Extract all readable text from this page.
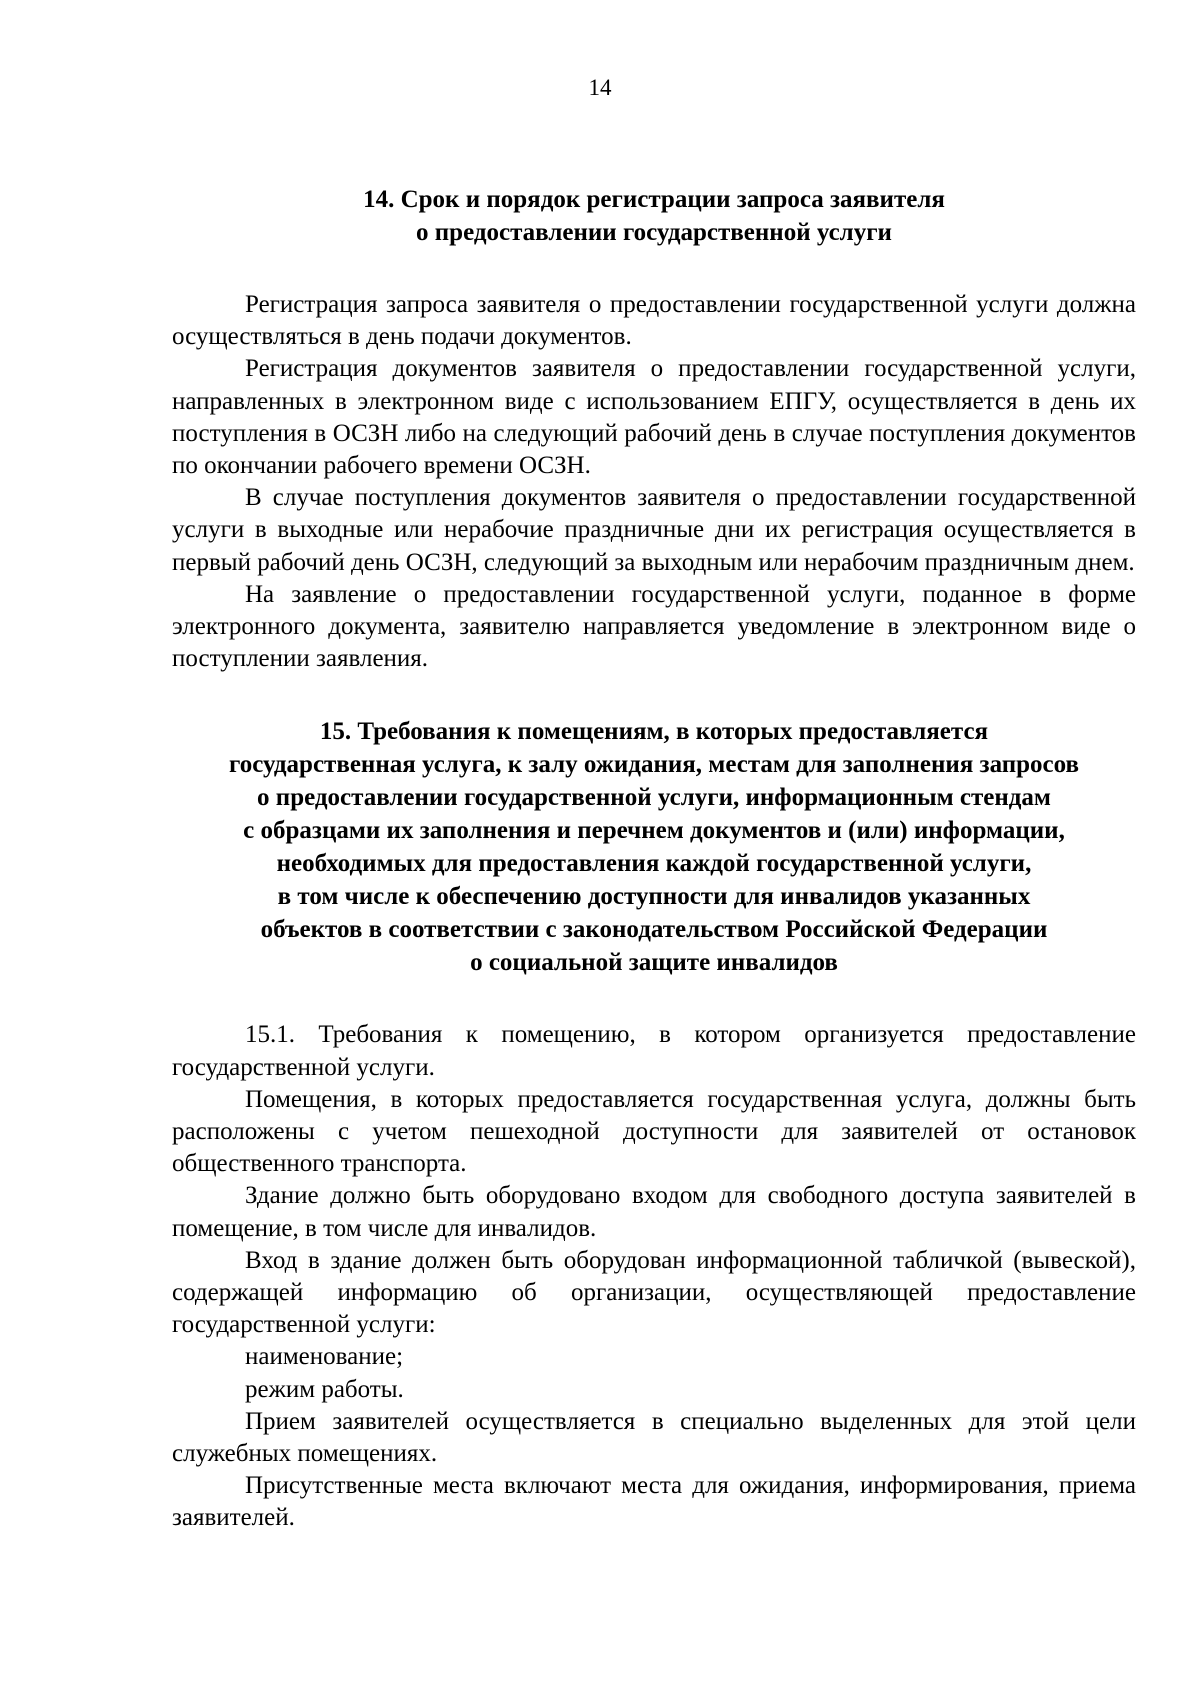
14
14. Срок и порядок регистрации запроса заявителя
о предоставлении государственной услуги

Регистрация запроса заявителя о предоставлении государственной услуги должна осуществляться в день подачи документов.

Регистрация документов заявителя о предоставлении государственной услуги, направленных в электронном виде с использованием ЕПГУ, осуществляется в день их поступления в ОСЗН либо на следующий рабочий день в случае поступления документов по окончании рабочего времени ОСЗН.

В случае поступления документов заявителя о предоставлении государственной услуги в выходные или нерабочие праздничные дни их регистрация осуществляется в первый рабочий день ОСЗН, следующий за выходным или нерабочим праздничным днем.

На заявление о предоставлении государственной услуги, поданное в форме электронного документа, заявителю направляется уведомление в электронном виде о поступлении заявления.

15. Требования к помещениям, в которых предоставляется
государственная услуга, к залу ожидания, местам для заполнения запросов
о предоставлении государственной услуги, информационным стендам
с образцами их заполнения и перечнем документов и (или) информации,
необходимых для предоставления каждой государственной услуги,
в том числе к обеспечению доступности для инвалидов указанных
объектов в соответствии с законодательством Российской Федерации
о социальной защите инвалидов

15.1. Требования к помещению, в котором организуется предоставление государственной услуги.

Помещения, в которых предоставляется государственная услуга, должны быть расположены с учетом пешеходной доступности для заявителей от остановок общественного транспорта.

Здание должно быть оборудовано входом для свободного доступа заявителей в помещение, в том числе для инвалидов.

Вход в здание должен быть оборудован информационной табличкой (вывеской), содержащей информацию об организации, осуществляющей предоставление государственной услуги:

наименование;

режим работы.

Прием заявителей осуществляется в специально выделенных для этой цели служебных помещениях.

Присутственные места включают места для ожидания, информирования, приема заявителей.
